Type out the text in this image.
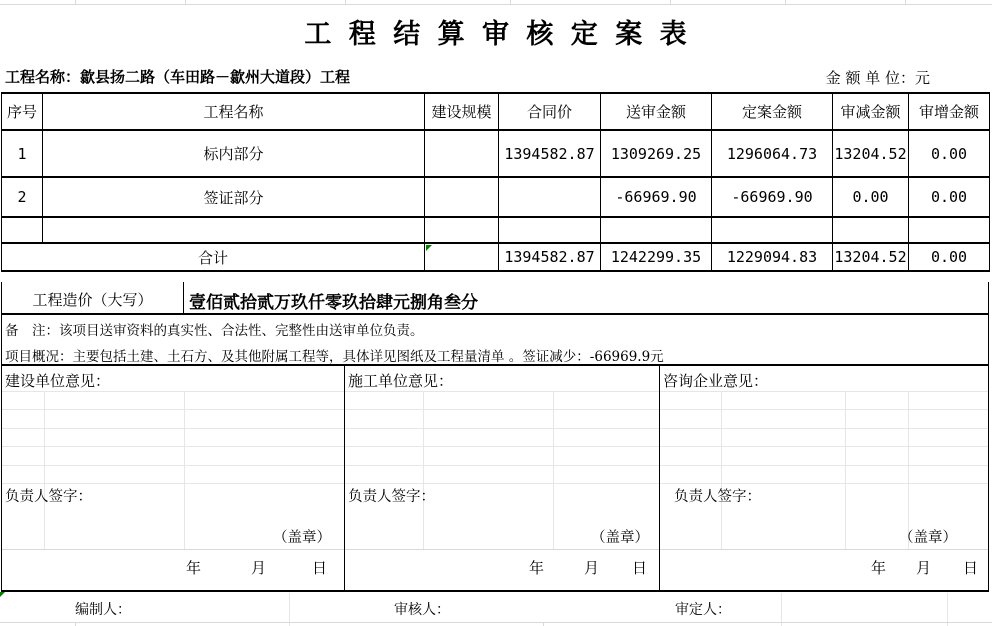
工 程 结 算 审 核 定 案 表
工程名称：歙县扬二路（车田路－歙州大道段）工程	金 额 单 位：元
序号	工程名称	建设规模	合同价	送审金额	定案金额	审减金额	审增金额
1	标内部分		1394582.87	1309269.25	1296064.73	13204.52	0.00
2	签证部分			-66969.90	-66969.90	0.00	0.00

合计			1394582.87	1242299.35	1229094.83	13204.52	0.00
工程造价（大写）	壹佰贰拾贰万玖仟零玖拾肆元捌角叁分
备　注：该项目送审资料的真实性、合法性、完整性由送审单位负责。
项目概况：主要包括土建、土石方、及其他附属工程等，具体详见图纸及工程量清单 。签证减少：-66969.9元
建设单位意见：
负责人签字：
（盖章）
年	月	日
施工单位意见：
负责人签字：
（盖章）
年	月 日
咨询企业意见：
负责人签字：
（盖章）
年 月 日
编制人：	审核人：	审定人：
